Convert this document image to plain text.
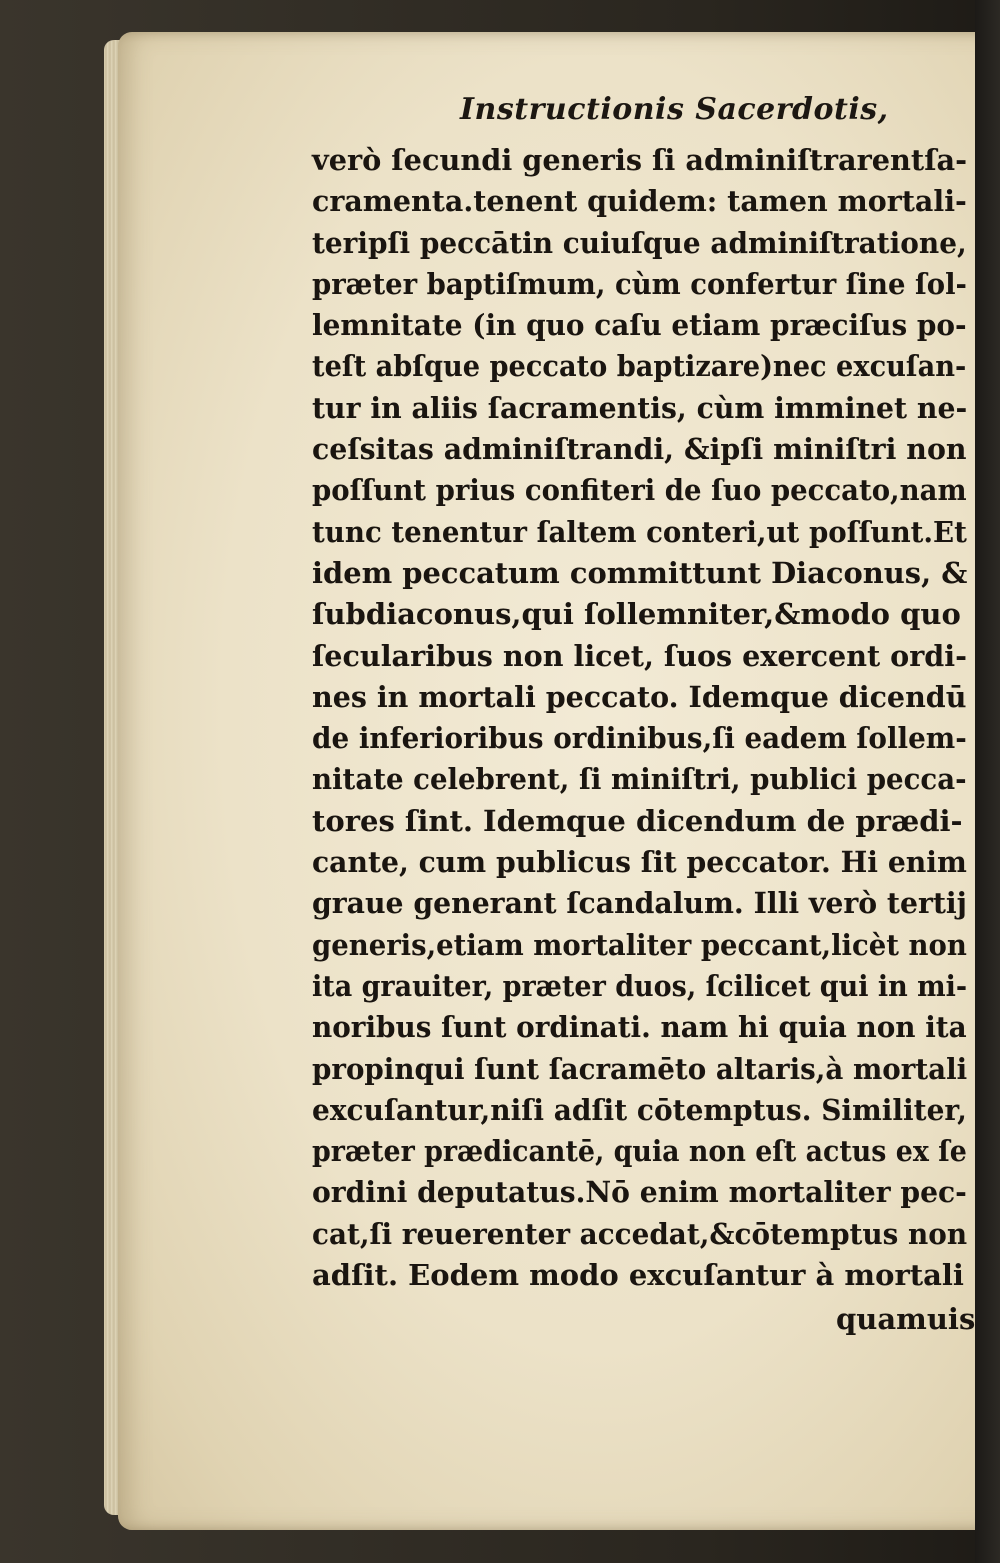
Instructionis Sacerdotis,
verò ſecundi generis ſi adminiſtrarentſa-
cramenta.tenent quidem: tamen mortali-
teripſi peccātin cuiuſque adminiſtratione,
præter baptiſmum, cùm confertur ſine ſol-
lemnitate (in quo caſu etiam præciſus po-
teſt abſque peccato baptizare)nec excuſan-
tur in aliis ſacramentis, cùm imminet ne-
ceſsitas adminiſtrandi, &ipſi miniſtri non
poſſunt prius confiteri de ſuo peccato,nam
tunc tenentur ſaltem conteri,ut poſſunt.Et
idem peccatum committunt Diaconus, &
ſubdiaconus,qui ſollemniter,&modo quo
ſecularibus non licet, ſuos exercent ordi-
nes in mortali peccato. Idemque dicendū
de inferioribus ordinibus,ſi eadem ſollem-
nitate celebrent, ſi miniſtri, publici pecca-
tores ſint. Idemque dicendum de prædi-
cante, cum publicus ſit peccator. Hi enim
graue generant ſcandalum. Illi verò tertij
generis,etiam mortaliter peccant,licèt non
ita grauiter, præter duos, ſcilicet qui in mi-
noribus ſunt ordinati. nam hi quia non ita
propinqui ſunt ſacramēto altaris,à mortali
excuſantur,niſi adſit cōtemptus. Similiter,
præter prædicantē, quia non eſt actus ex ſe
ordini deputatus.Nō enim mortaliter pec-
cat,ſi reuerenter accedat,&cōtemptus non
adſit. Eodem modo excuſantur à mortali
quamuis
